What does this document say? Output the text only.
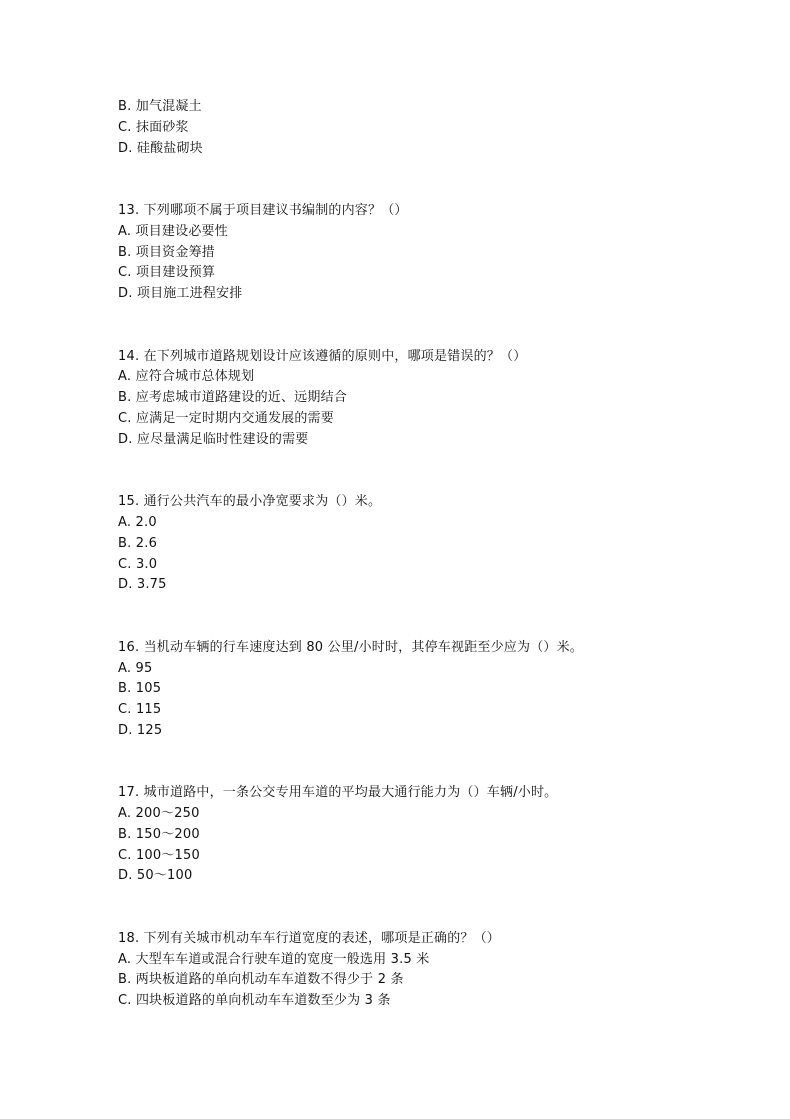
B. 加气混凝土
C. 抹面砂浆
D. 硅酸盐砌块
13. 下列哪项不属于项目建议书编制的内容？（）
A. 项目建设必要性
B. 项目资金筹措
C. 项目建设预算
D. 项目施工进程安排
14. 在下列城市道路规划设计应该遵循的原则中，哪项是错误的？（）
A. 应符合城市总体规划
B. 应考虑城市道路建设的近、远期结合
C. 应满足一定时期内交通发展的需要
D. 应尽量满足临时性建设的需要
15. 通行公共汽车的最小净宽要求为（）米。
A. 2.0
B. 2.6
C. 3.0
D. 3.75
16. 当机动车辆的行车速度达到 80 公里/小时时，其停车视距至少应为（）米。
A. 95
B. 105
C. 115
D. 125
17. 城市道路中，一条公交专用车道的平均最大通行能力为（）车辆/小时。
A. 200～250
B. 150～200
C. 100～150
D. 50～100
18. 下列有关城市机动车车行道宽度的表述，哪项是正确的？（）
A. 大型车车道或混合行驶车道的宽度一般选用 3.5 米
B. 两块板道路的单向机动车车道数不得少于 2 条
C. 四块板道路的单向机动车车道数至少为 3 条
